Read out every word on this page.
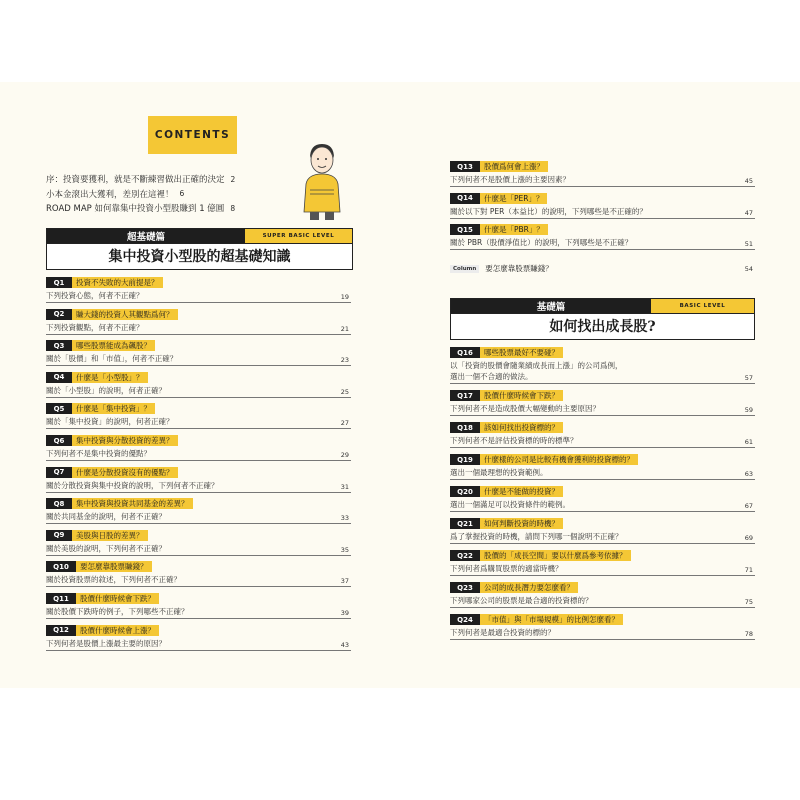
CONTENTS
序：投資要獲利，就是不斷練習做出正確的決定 2
小本金滾出大獲利，差別在這裡！ 6
ROAD MAP 如何靠集中投資小型股賺到 1 億圓 8
超基礎篇	SUPER BASIC LEVEL
集中投資小型股的超基礎知識
基礎篇	BASIC LEVEL
如何找出成長股?
Q1	投資不失敗的大前提是？
下列投資心態，何者不正確？	19
Q2	賺大錢的投資人其觀點爲何？
下列投資觀點，何者不正確？	21
Q3	哪些股票能成為飆股？
關於「股價」和「市值」，何者不正確？	23
Q4	什麼是「小型股」？
關於「小型股」的說明，何者正確？	25
Q5	什麼是「集中投資」？
關於「集中投資」的說明，何者正確？	27
Q6	集中投資與分散投資的差異？
下列何者不是集中投資的優點？	29
Q7	什麼是分散投資沒有的優點？
關於分散投資與集中投資的說明，下列何者不正確？	31
Q8	集中投資與投資共同基金的差異？
關於共同基金的說明，何者不正確？	33
Q9	美股與日股的差異？
關於美股的說明，下列何者不正確？	35
Q10	要怎麼靠股票賺錢？
關於投資股票的敘述，下列何者不正確？	37
Q11	股價什麼時候會下跌？
關於股價下跌時的例子，下列哪些不正確？	39
Q12	股價什麼時候會上漲？
下列何者是股價上漲最主要的原因？	43
Q13	股價爲何會上漲？
下列何者不是股價上漲的主要因素？	45
Q14	什麼是「PER」？
關於以下對 PER（本益比）的說明，下列哪些是不正確的？	47
Q15	什麼是「PBR」？
關於 PBR（股價淨值比）的說明，下列哪些是不正確？	51
Q16	哪些股票最好不要碰？
以「投資的股價會隨業績成長而上漲」的公司爲例，
選出一個不合適的做法。	57
Q17	股價什麼時候會下跌？
下列何者不是造成股價大幅變動的主要原因？	59
Q18	該如何找出投資標的？
下列何者不是評估投資標的時的標準？	61
Q19	什麼樣的公司是比較有機會獲利的投資標的？
選出一個最理想的投資範例。	63
Q20	什麼是不能做的投資？
選出一個滿足可以投資條件的範例。	67
Q21	如何判斷投資的時機？
爲了掌握投資的時機，請問下列哪一個說明不正確？	69
Q22	股價的「成長空間」要以什麼爲參考依據？
下列何者爲購買股票的適當時機？	71
Q23	公司的成長潛力要怎麼看？
下列哪家公司的股票是最合適的投資標的？	75
Q24	「市值」與「市場規模」的比例怎麼看？
下列何者是最適合投資的標的？	78
Column	要怎麼靠股票賺錢？	54
